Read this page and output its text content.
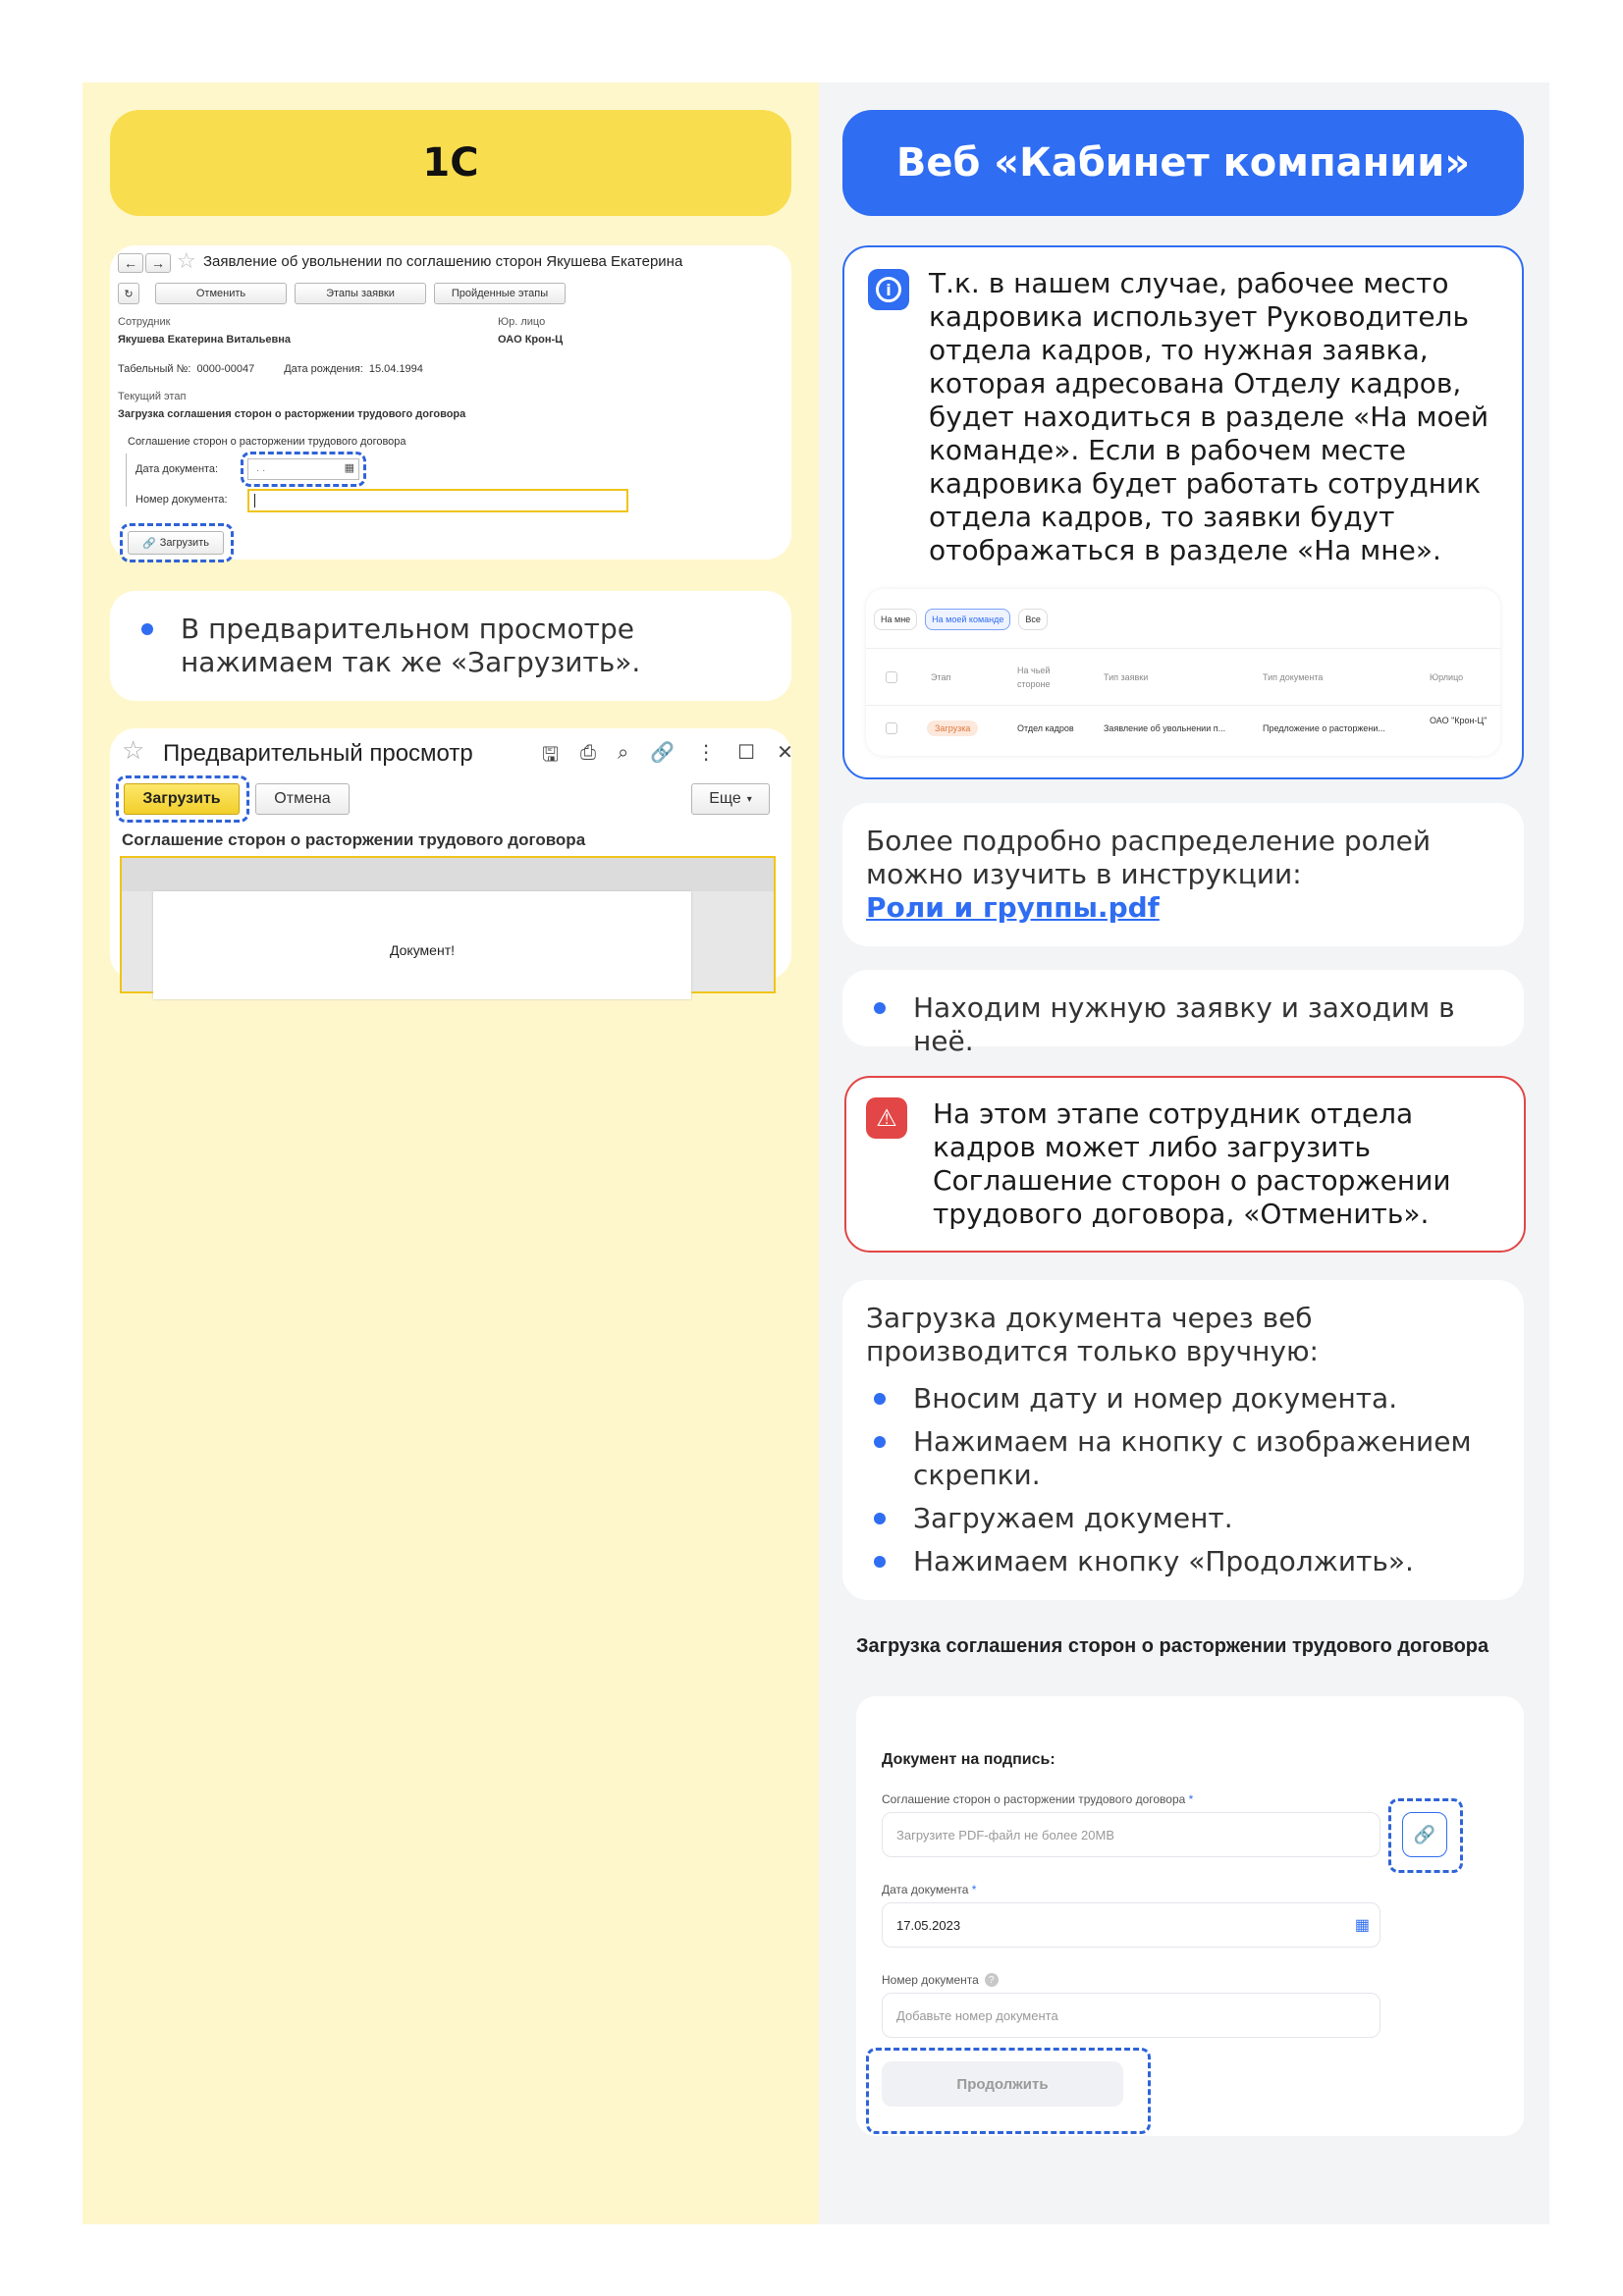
1С	Веб «Кабинет компании»
←	→ ☆ Заявление об увольнении по соглашению сторон Якушева Екатерина
↻	Отменить	Этапы заявки	Пройденные этапы
Сотрудник
Якушева Екатерина Витальевна
Юр. лицо
ОАО Крон-Ц
Табельный №: 0000-00047	Дата рождения: 15.04.1994
Текущий этап
Загрузка соглашения сторон о расторжении трудового договора
Соглашение сторон о расторжении трудового договора
Дата документа:	. .	▦
Номер документа:
🔗 Загрузить
В предварительном просмотре нажимаем так же «Загрузить».
☆ Предварительный просмотр	🖫 ⎙ ⌕ 🔗 ⋮ ☐ ✕
Загрузить	Отмена	Еще ▾
Соглашение сторон о расторжении трудового договора
Документ!
i	Т.к. в нашем случае, рабочее место кадровика использует Руководитель отдела кадров, то нужная заявка, которая адресована Отделу кадров, будет находиться в разделе «На моей команде». Если в рабочем месте кадровика будет работать сотрудник отдела кадров, то заявки будут отображаться в разделе «На мне».
На мне	На моей команде	Все
Этап
На чьей стороне
Тип заявки	Тип документа	Юрлицо
Загрузка	Отдел кадров	Заявление об увольнении п...	Предложение о расторжени...
ОАО "Крон-Ц"
Более подробно распределение ролей можно изучить в инструкции:
Роли и группы.pdf
Находим нужную заявку и заходим в неё.
⚠	На этом этапе сотрудник отдела кадров может либо загрузить Соглашение сторон о расторжении трудового договора, «Отменить».
Загрузка документа через веб производится только вручную:
Вносим дату и номер документа.
Нажимаем на кнопку с изображением скрепки.
Загружаем документ.
Нажимаем кнопку «Продолжить».
Загрузка соглашения сторон о расторжении трудового договора
Документ на подпись:
Соглашение сторон о расторжении трудового договора *
Загрузите PDF-файл не более 20MB	🔗
Дата документа *
17.05.2023	▦
Номер документа	?
Добавьте номер документа
Продолжить
